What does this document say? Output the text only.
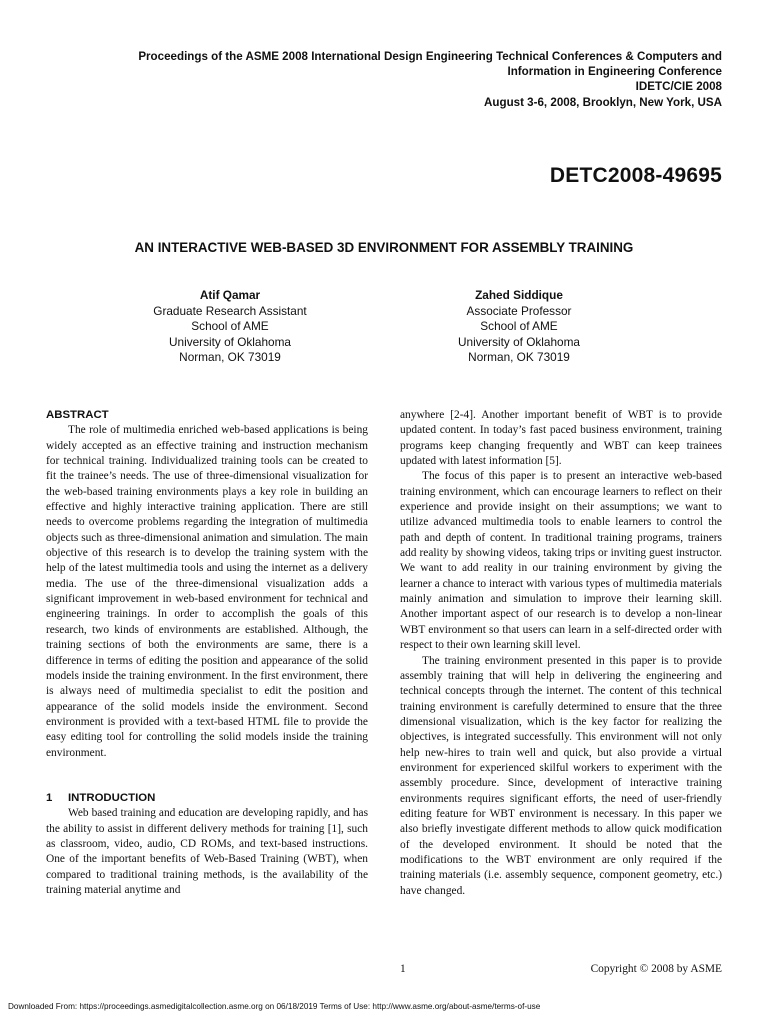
Proceedings of the ASME 2008 International Design Engineering Technical Conferences & Computers and
Information in Engineering Conference
IDETC/CIE 2008
August 3-6, 2008, Brooklyn, New York, USA
DETC2008-49695
AN INTERACTIVE WEB-BASED 3D ENVIRONMENT FOR ASSEMBLY TRAINING
Atif Qamar
Graduate Research Assistant
School of AME
University of Oklahoma
Norman, OK 73019
Zahed Siddique
Associate Professor
School of AME
University of Oklahoma
Norman, OK 73019
ABSTRACT

The role of multimedia enriched web-based applications is being widely accepted as an effective training and instruction mechanism for technical training. Individualized training tools can be created to fit the trainee’s needs. The use of three-dimensional visualization for the web-based training environments plays a key role in building an effective and highly interactive training application. There are still needs to overcome problems regarding the integration of multimedia objects such as three-dimensional animation and simulation. The main objective of this research is to develop the training system with the help of the latest multimedia tools and using the internet as a delivery media. The use of the three-dimensional visualization adds a significant improvement in web-based environment for technical and engineering trainings. In order to accomplish the goals of this research, two kinds of environments are established. Although, the training sections of both the environments are same, there is a difference in terms of editing the position and appearance of the solid models inside the training environment. In the first environment, there is always need of multimedia specialist to edit the position and appearance of the solid models inside the environment. Second environment is provided with a text-based HTML file to provide the easy editing tool for controlling the solid models inside the training environment.

1 INTRODUCTION

Web based training and education are developing rapidly, and has the ability to assist in different delivery methods for training [1], such as classroom, video, audio, CD ROMs, and text-based instructions. One of the important benefits of Web-Based Training (WBT), when compared to traditional training methods, is the availability of the training material anytime and

anywhere [2-4]. Another important benefit of WBT is to provide updated content. In today’s fast paced business environment, training programs keep changing frequently and WBT can keep trainees updated with latest information [5].

The focus of this paper is to present an interactive web-based training environment, which can encourage learners to reflect on their experience and provide insight on their assumptions; we want to utilize advanced multimedia tools to enable learners to control the path and depth of content. In traditional training programs, trainers add reality by showing videos, taking trips or inviting guest instructor. We want to add reality in our training environment by giving the learner a chance to interact with various types of multimedia materials mainly animation and simulation to improve their learning skill. Another important aspect of our research is to develop a non-linear WBT environment so that users can learn in a self-directed order with respect to their own learning skill level.

The training environment presented in this paper is to provide assembly training that will help in delivering the engineering and technical concepts through the internet. The content of this technical training environment is carefully determined to ensure that the three dimensional visualization, which is the key factor for realizing the objectives, is integrated successfully. This environment will not only help new-hires to train well and quick, but also provide a virtual environment for experienced skilful workers to experiment with the assembly procedure. Since, development of interactive training environments requires significant efforts, the need of user-friendly editing feature for WBT environment is necessary. In this paper we also briefly investigate different methods to allow quick modification of the developed environment. It should be noted that the modifications to the WBT environment are only required if the training materials (i.e. assembly sequence, component geometry, etc.) have changed.

1	Copyright © 2008 by ASME
Downloaded From: https://proceedings.asmedigitalcollection.asme.org on 06/18/2019 Terms of Use: http://www.asme.org/about-asme/terms-of-use
